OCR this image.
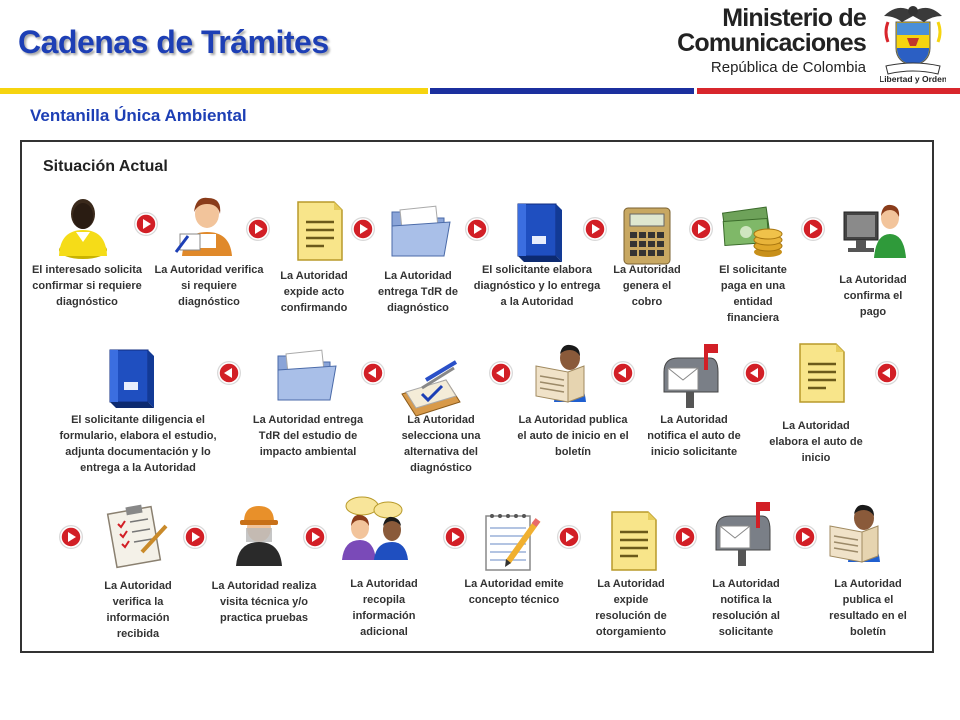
Cadenas de Trámites
Ministerio de
Comunicaciones
República de Colombia
Libertad y Orden
Ventanilla Única Ambiental
Situación Actual
El interesado solicita confirmar si requiere diagnóstico
La Autoridad verifica si requiere diagnóstico
La Autoridad expide acto confirmando
La Autoridad entrega TdR de diagnóstico
El solicitante elabora diagnóstico y lo entrega a la Autoridad
La Autoridad genera el cobro
El solicitante paga en una entidad financiera
La Autoridad confirma el pago
La Autoridad elabora el auto de inicio
La Autoridad notifica el auto de inicio solicitante
La Autoridad publica el auto de inicio en el boletín
La Autoridad selecciona una alternativa del diagnóstico
La Autoridad entrega TdR del estudio de impacto ambiental
El solicitante diligencia el formulario, elabora el estudio, adjunta documentación y lo entrega a la Autoridad
La Autoridad verifica la información recibida
La Autoridad realiza visita técnica y/o practica pruebas
La Autoridad recopila información adicional
La Autoridad emite concepto técnico
La Autoridad expide resolución de otorgamiento
La Autoridad notifica la resolución al solicitante
La Autoridad publica el resultado en el boletín
